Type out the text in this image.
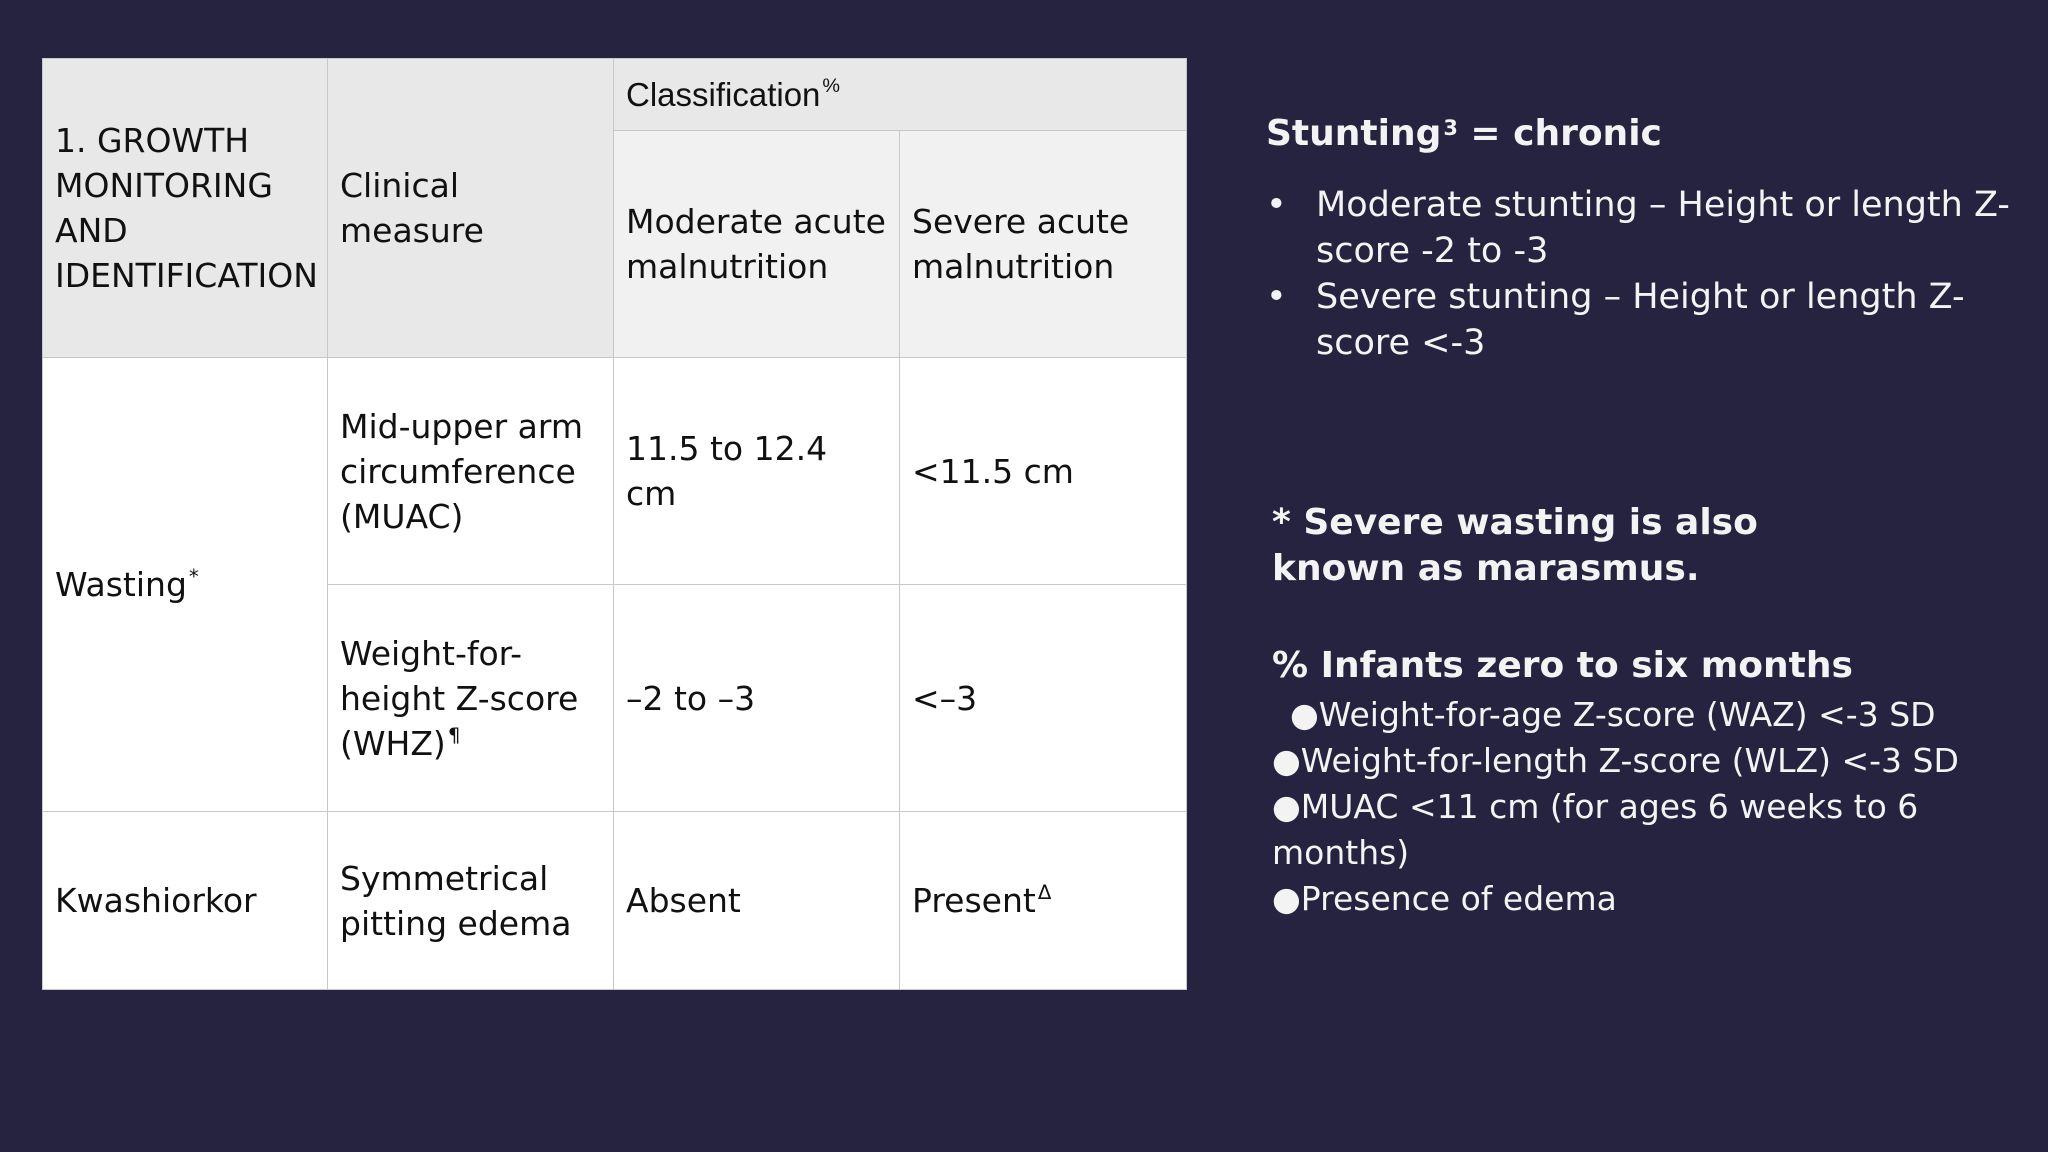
1. GROWTH MONITORING AND IDENTIFICATION	Clinical measure	Classification %
		Moderate acute malnutrition	Severe acute malnutrition
Wasting *	Mid-upper arm circumference (MUAC)	11.5 to 12.4 cm	<11.5 cm
	Weight-for-height Z-score (WHZ) ¶	–2 to –3	<–3
Kwashiorkor	Symmetrical pitting edema	Absent	Present $^\Delta$
Stunting$^3$ = chronic
• Moderate stunting – Height or length Z-score -2 to -3
• Severe stunting – Height or length Z-score <-3
* Severe wasting is also known as marasmus.
% Infants zero to six months
●Weight-for-age Z-score (WAZ) <-3 SD
●Weight-for-length Z-score (WLZ) <-3 SD
●MUAC <11 cm (for ages 6 weeks to 6 months)
●Presence of edema
